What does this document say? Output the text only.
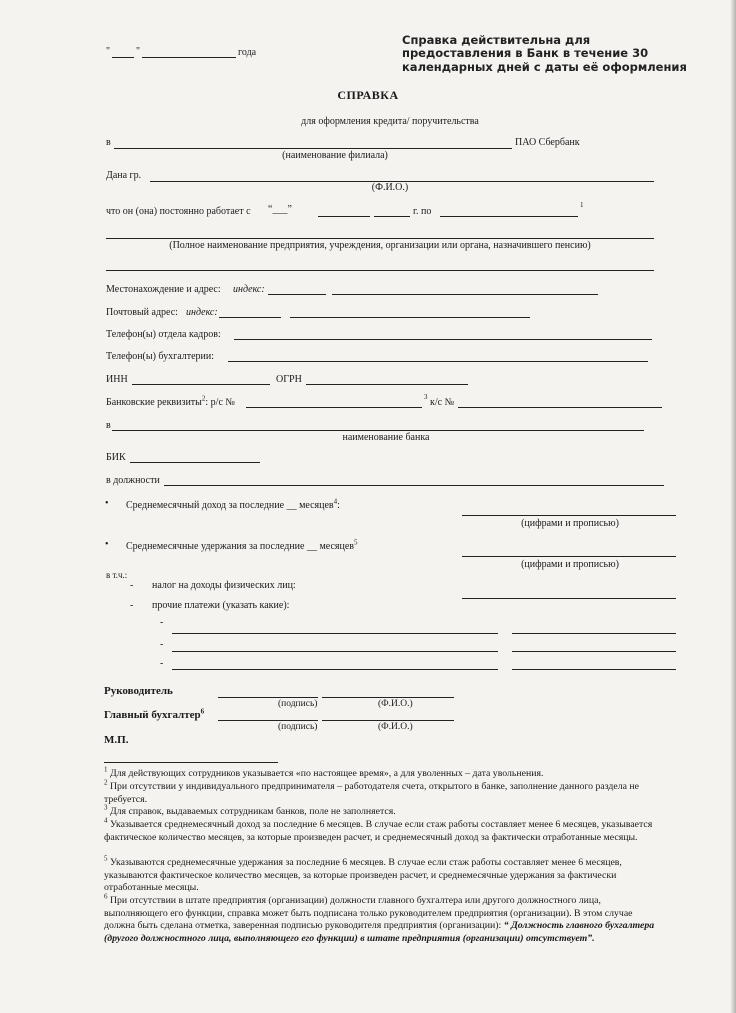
Справка действительна для предоставления в Банк в течение 30 календарных дней с даты её оформления
"	"	года
СПРАВКА
для оформления кредита/ поручительства
в	ПАО Сбербанк
(наименование филиала)
Дана гр.
(Ф.И.О.)
что он (она) постоянно работает с “___”	г. по
1
(Полное наименование предприятия, учреждения, организации или органа, назначившего пенсию)
Местонахождение и адрес: индекс:
Почтовый адрес: индекс:
Телефон(ы) отдела кадров:
Телефон(ы) бухгалтерии:
ИНН	ОГРН
Банковские реквизиты$^2$: р/с №	3 к/с №
в
наименование банка
БИК
в должности
• Среднемесячный доход за последние __ месяцев$^4$:
(цифрами и прописью)
• Среднемесячные удержания за последние __ месяцев$^5$
(цифрами и прописью)
в т.ч.:
- налог на доходы физических лиц:
- прочие платежи (указать какие):
-
-
-
Руководитель
(подпись)	(Ф.И.О.)
Главный бухгалтер$^6$
(подпись)	(Ф.И.О.)
М.П.
$^1$ Для действующих сотрудников указывается «по настоящее время», а для уволенных – дата увольнения.
$^2$ При отсутствии у индивидуального предпринимателя – работодателя счета, открытого в банке, заполнение данного раздела не требуется.
$^3$ Для справок, выдаваемых сотрудникам банков, поле не заполняется.
$^4$ Указывается среднемесячный доход за последние 6 месяцев. В случае если стаж работы составляет менее 6 месяцев, указывается фактическое количество месяцев, за которые произведен расчет, и среднемесячный доход за фактически отработанные месяцы.
$^5$ Указываются среднемесячные удержания за последние 6 месяцев. В случае если стаж работы составляет менее 6 месяцев, указываются фактическое количество месяцев, за которые произведен расчет, и среднемесячные удержания за фактически отработанные месяцы.
$^6$ При отсутствии в штате предприятия (организации) должности главного бухгалтера или другого должностного лица, выполняющего его функции, справка может быть подписана только руководителем предприятия (организации). В этом случае должна быть сделана отметка, заверенная подписью руководителя предприятия (организации): “ Должность главного бухгалтера (другого должностного лица, выполняющего его функции) в штате предприятия (организации) отсутствует”.
